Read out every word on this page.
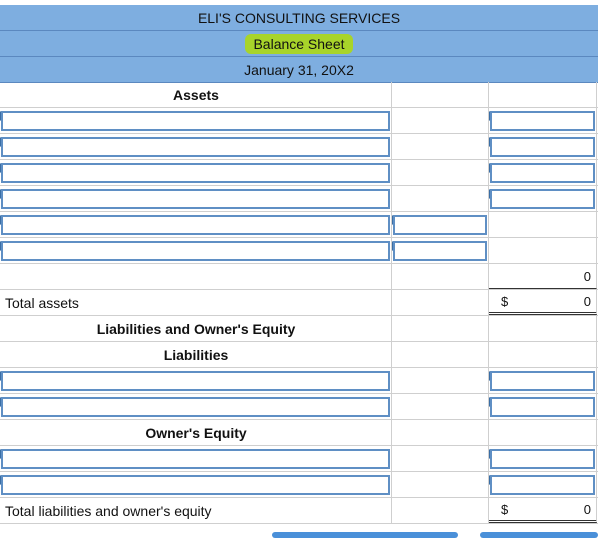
ELI'S CONSULTING SERVICES
Balance Sheet
January 31, 20X2
Assets
0
Total assets	$	0
Liabilities and Owner's Equity
Liabilities
Owner's Equity
Total liabilities and owner's equity	$	0
